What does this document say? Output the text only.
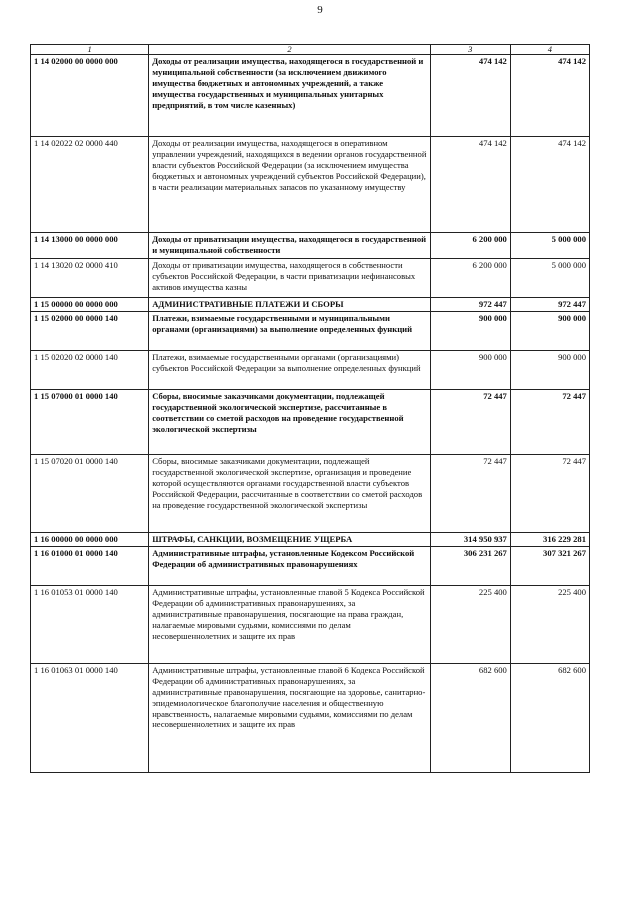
9
1	2	3	4
1 14 02000 00 0000 000	Доходы от реализации имущества, находящегося в государственной и муниципальной собственности (за исключением движимого имущества бюджетных и автономных учреждений, а также имущества государственных и муниципальных унитарных предприятий, в том числе казенных)	474 142	474 142
1 14 02022 02 0000 440	Доходы от реализации имущества, находящегося в оперативном управлении учреждений, находящихся в ведении органов государственной власти субъектов Российской Федерации (за исключением имущества бюджетных и автономных учреждений субъектов Российской Федерации), в части реализации материальных запасов по указанному имуществу	474 142	474 142
1 14 13000 00 0000 000	Доходы от приватизации имущества, находящегося в государственной и муниципальной собственности	6 200 000	5 000 000
1 14 13020 02 0000 410	Доходы от приватизации имущества, находящегося в собственности субъектов Российской Федерации, в части приватизации нефинансовых активов имущества казны	6 200 000	5 000 000
1 15 00000 00 0000 000	АДМИНИСТРАТИВНЫЕ ПЛАТЕЖИ И СБОРЫ	972 447	972 447
1 15 02000 00 0000 140	Платежи, взимаемые государственными и муниципальными органами (организациями) за выполнение определенных функций	900 000	900 000
1 15 02020 02 0000 140	Платежи, взимаемые государственными органами (организациями) субъектов Российской Федерации за выполнение определенных функций	900 000	900 000
1 15 07000 01 0000 140	Сборы, вносимые заказчиками документации, подлежащей государственной экологической экспертизе, рассчитанные в соответствии со сметой расходов на проведение государственной экологической экспертизы	72 447	72 447
1 15 07020 01 0000 140	Сборы, вносимые заказчиками документации, подлежащей государственной экологической экспертизе, организация и проведение которой осуществляются органами государственной власти субъектов Российской Федерации, рассчитанные в соответствии со сметой расходов на проведение государственной экологической экспертизы	72 447	72 447
1 16 00000 00 0000 000	ШТРАФЫ, САНКЦИИ, ВОЗМЕЩЕНИЕ УЩЕРБА	314 950 937	316 229 281
1 16 01000 01 0000 140	Административные штрафы, установленные Кодексом Российской Федерации об административных правонарушениях	306 231 267	307 321 267
1 16 01053 01 0000 140	Административные штрафы, установленные главой 5 Кодекса Российской Федерации об административных правонарушениях, за административные правонарушения, посягающие на права граждан, налагаемые мировыми судьями, комиссиями по делам несовершеннолетних и защите их прав	225 400	225 400
1 16 01063 01 0000 140	Административные штрафы, установленные главой 6 Кодекса Российской Федерации об административных правонарушениях, за административные правонарушения, посягающие на здоровье, санитарно-эпидемиологическое благополучие населения и общественную нравственность, налагаемые мировыми судьями, комиссиями по делам несовершеннолетних и защите их прав	682 600	682 600
